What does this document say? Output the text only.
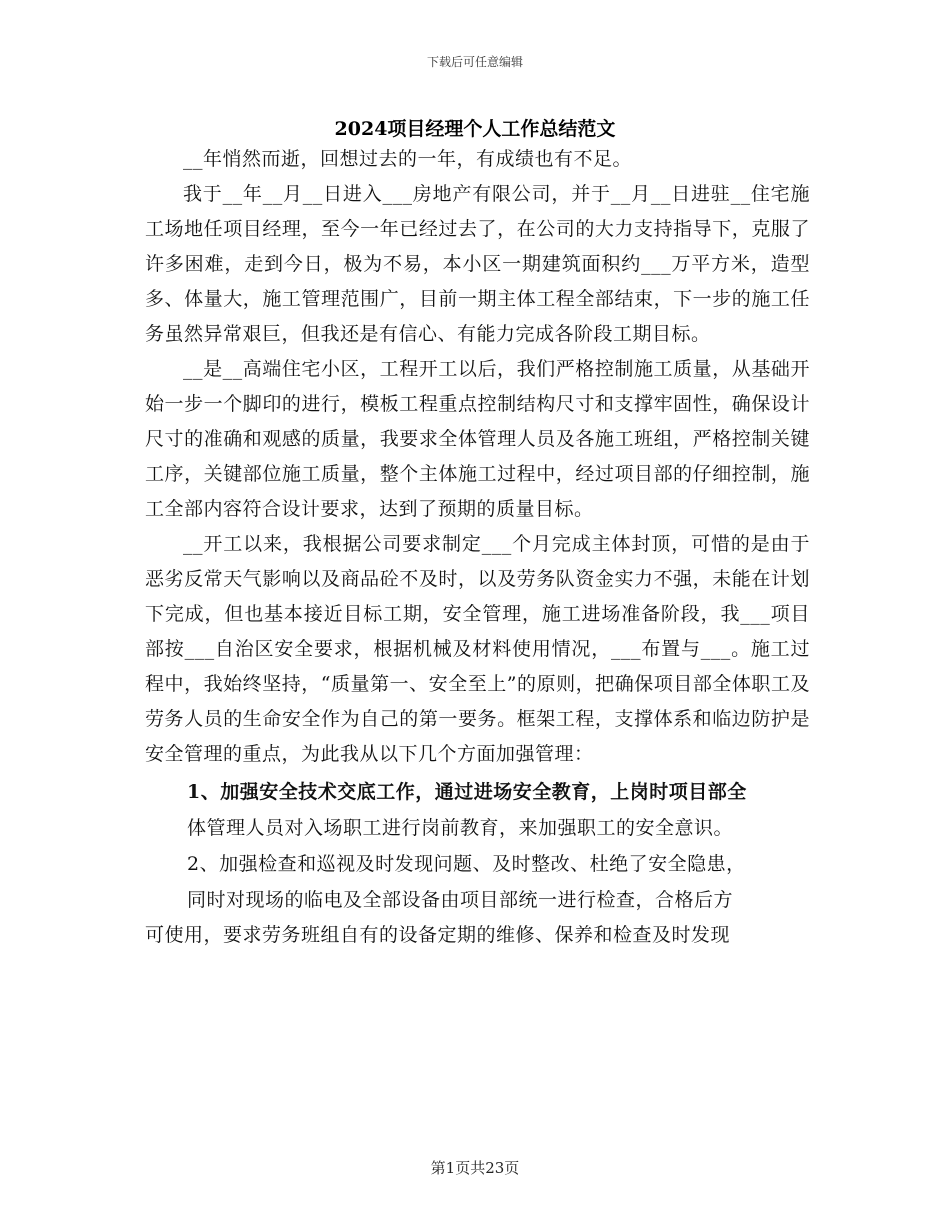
下载后可任意编辑
2024项目经理个人工作总结范文

__年悄然而逝，回想过去的一年，有成绩也有不足。

我于__年__月__日进入___房地产有限公司，并于__月__日进驻__住宅施工场地任项目经理，至今一年已经过去了，在公司的大力支持指导下，克服了许多困难，走到今日，极为不易，本小区一期建筑面积约___万平方米，造型多、体量大，施工管理范围广，目前一期主体工程全部结束，下一步的施工任务虽然异常艰巨，但我还是有信心、有能力完成各阶段工期目标。

__是__高端住宅小区，工程开工以后，我们严格控制施工质量，从基础开始一步一个脚印的进行，模板工程重点控制结构尺寸和支撑牢固性，确保设计尺寸的准确和观感的质量，我要求全体管理人员及各施工班组，严格控制关键工序，关键部位施工质量，整个主体施工过程中，经过项目部的仔细控制，施工全部内容符合设计要求，达到了预期的质量目标。

__开工以来，我根据公司要求制定___个月完成主体封顶，可惜的是由于恶劣反常天气影响以及商品砼不及时，以及劳务队资金实力不强，未能在计划下完成，但也基本接近目标工期，安全管理，施工进场准备阶段，我___项目部按___自治区安全要求，根据机械及材料使用情况，___布置与___。施工过程中，我始终坚持，“质量第一、安全至上”的原则，把确保项目部全体职工及劳务人员的生命安全作为自己的第一要务。框架工程，支撑体系和临边防护是安全管理的重点，为此我从以下几个方面加强管理：

1、加强安全技术交底工作，通过进场安全教育，上岗时项目部全

体管理人员对入场职工进行岗前教育，来加强职工的安全意识。

2、加强检查和巡视及时发现问题、及时整改、杜绝了安全隐患，

同时对现场的临电及全部设备由项目部统一进行检查，合格后方

可使用，要求劳务班组自有的设备定期的维修、保养和检查及时发现

第1页共23页
